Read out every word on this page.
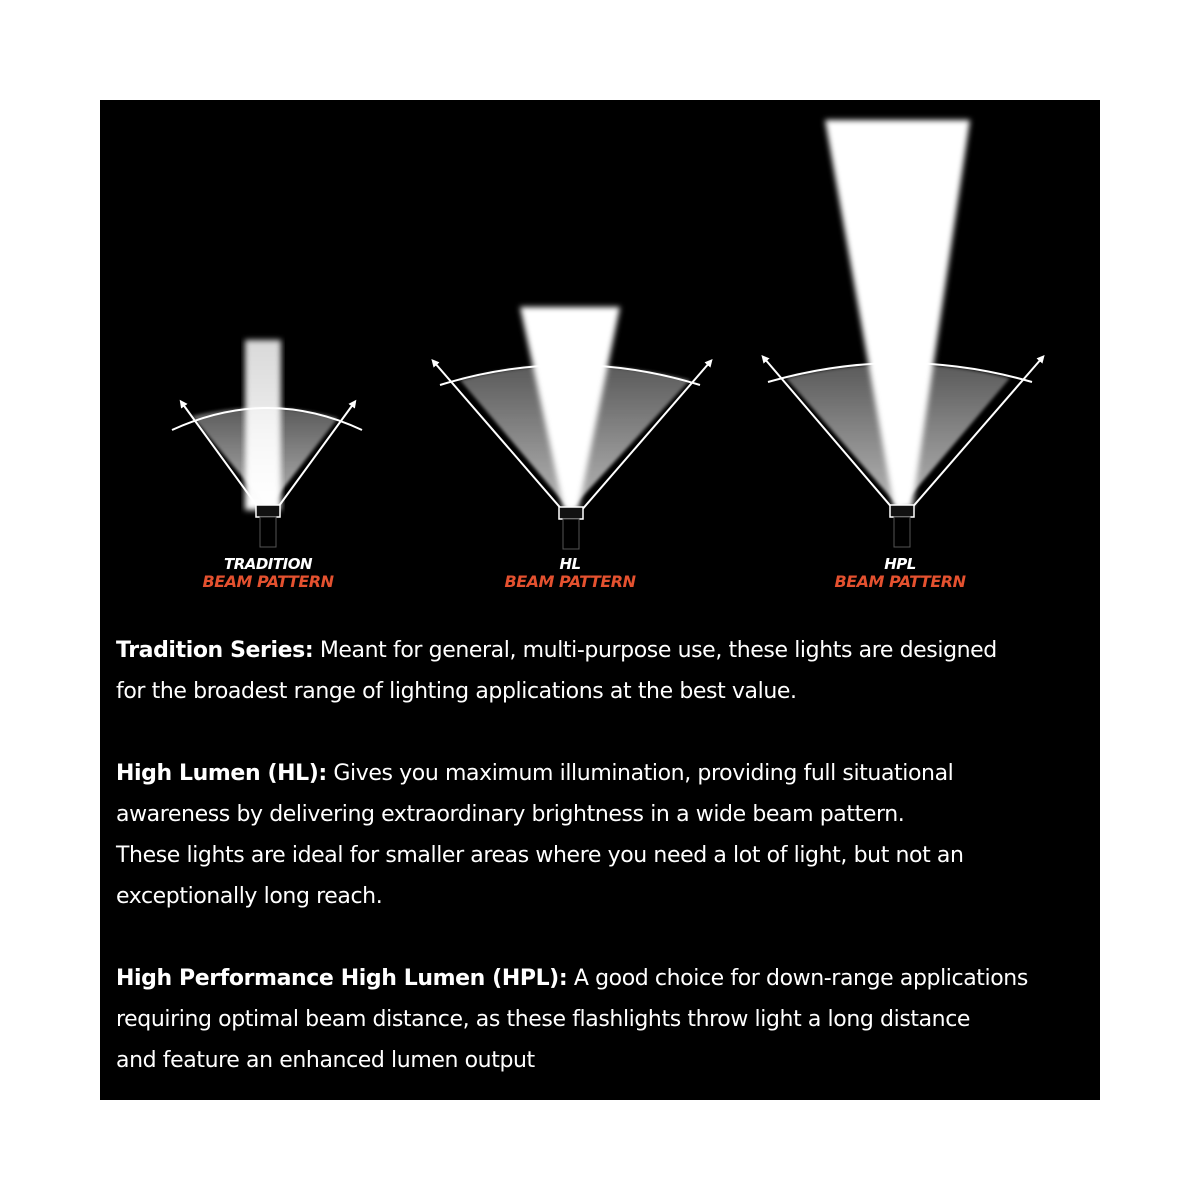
TRADITION
BEAM PATTERN
HL
BEAM PATTERN
HPL
BEAM PATTERN

Tradition Series: Meant for general, multi-purpose use, these lights are designed

for the broadest range of lighting applications at the best value.

High Lumen (HL): Gives you maximum illumination, providing full situational

awareness by delivering extraordinary brightness in a wide beam pattern.

These lights are ideal for smaller areas where you need a lot of light, but not an

exceptionally long reach.

High Performance High Lumen (HPL): A good choice for down-range applications

requiring optimal beam distance, as these flashlights throw light a long distance

and feature an enhanced lumen output
